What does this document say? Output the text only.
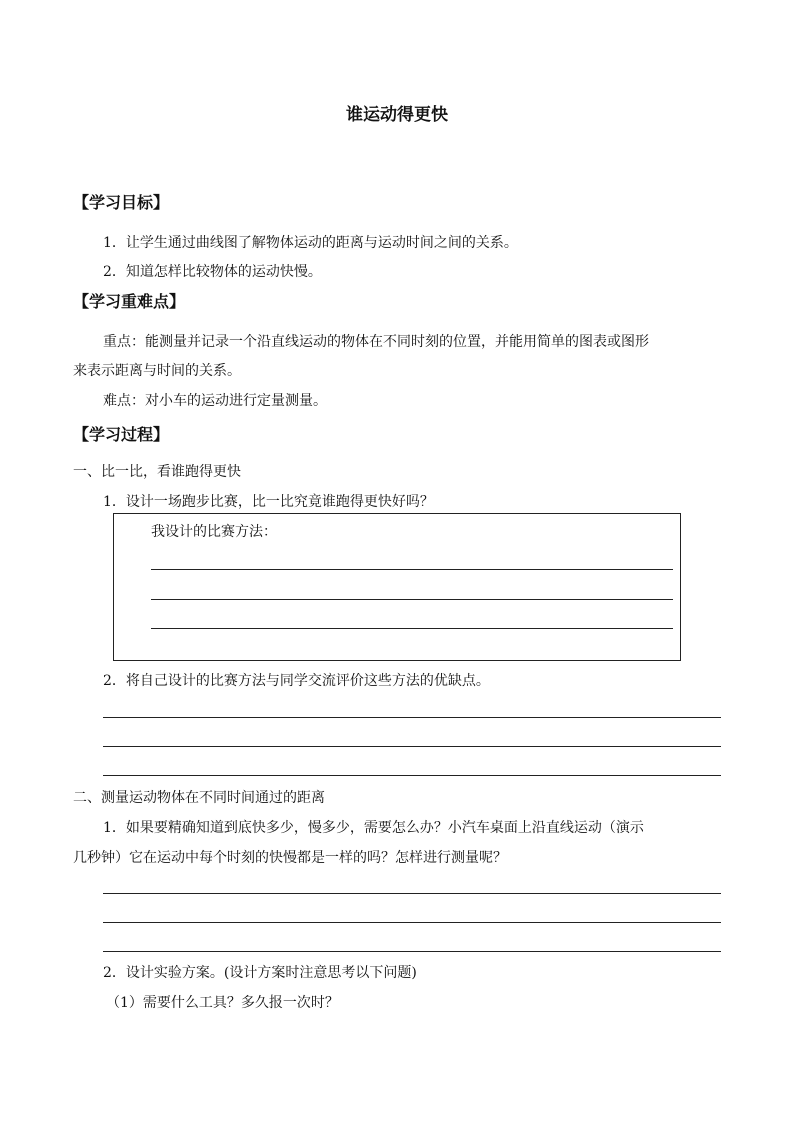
谁运动得更快
【学习目标】
1．让学生通过曲线图了解物体运动的距离与运动时间之间的关系。
2．知道怎样比较物体的运动快慢。
【学习重难点】
重点：能测量并记录一个沿直线运动的物体在不同时刻的位置，并能用简单的图表或图形
来表示距离与时间的关系。
难点：对小车的运动进行定量测量。
【学习过程】
一、比一比，看谁跑得更快
1．设计一场跑步比赛，比一比究竟谁跑得更快好吗？
我设计的比赛方法：
2．将自己设计的比赛方法与同学交流评价这些方法的优缺点。
二、测量运动物体在不同时间通过的距离
1．如果要精确知道到底快多少，慢多少，需要怎么办？小汽车桌面上沿直线运动（演示
几秒钟）它在运动中每个时刻的快慢都是一样的吗？怎样进行测量呢？
2．设计实验方案。(设计方案时注意思考以下问题)
（1）需要什么工具？多久报一次时？
